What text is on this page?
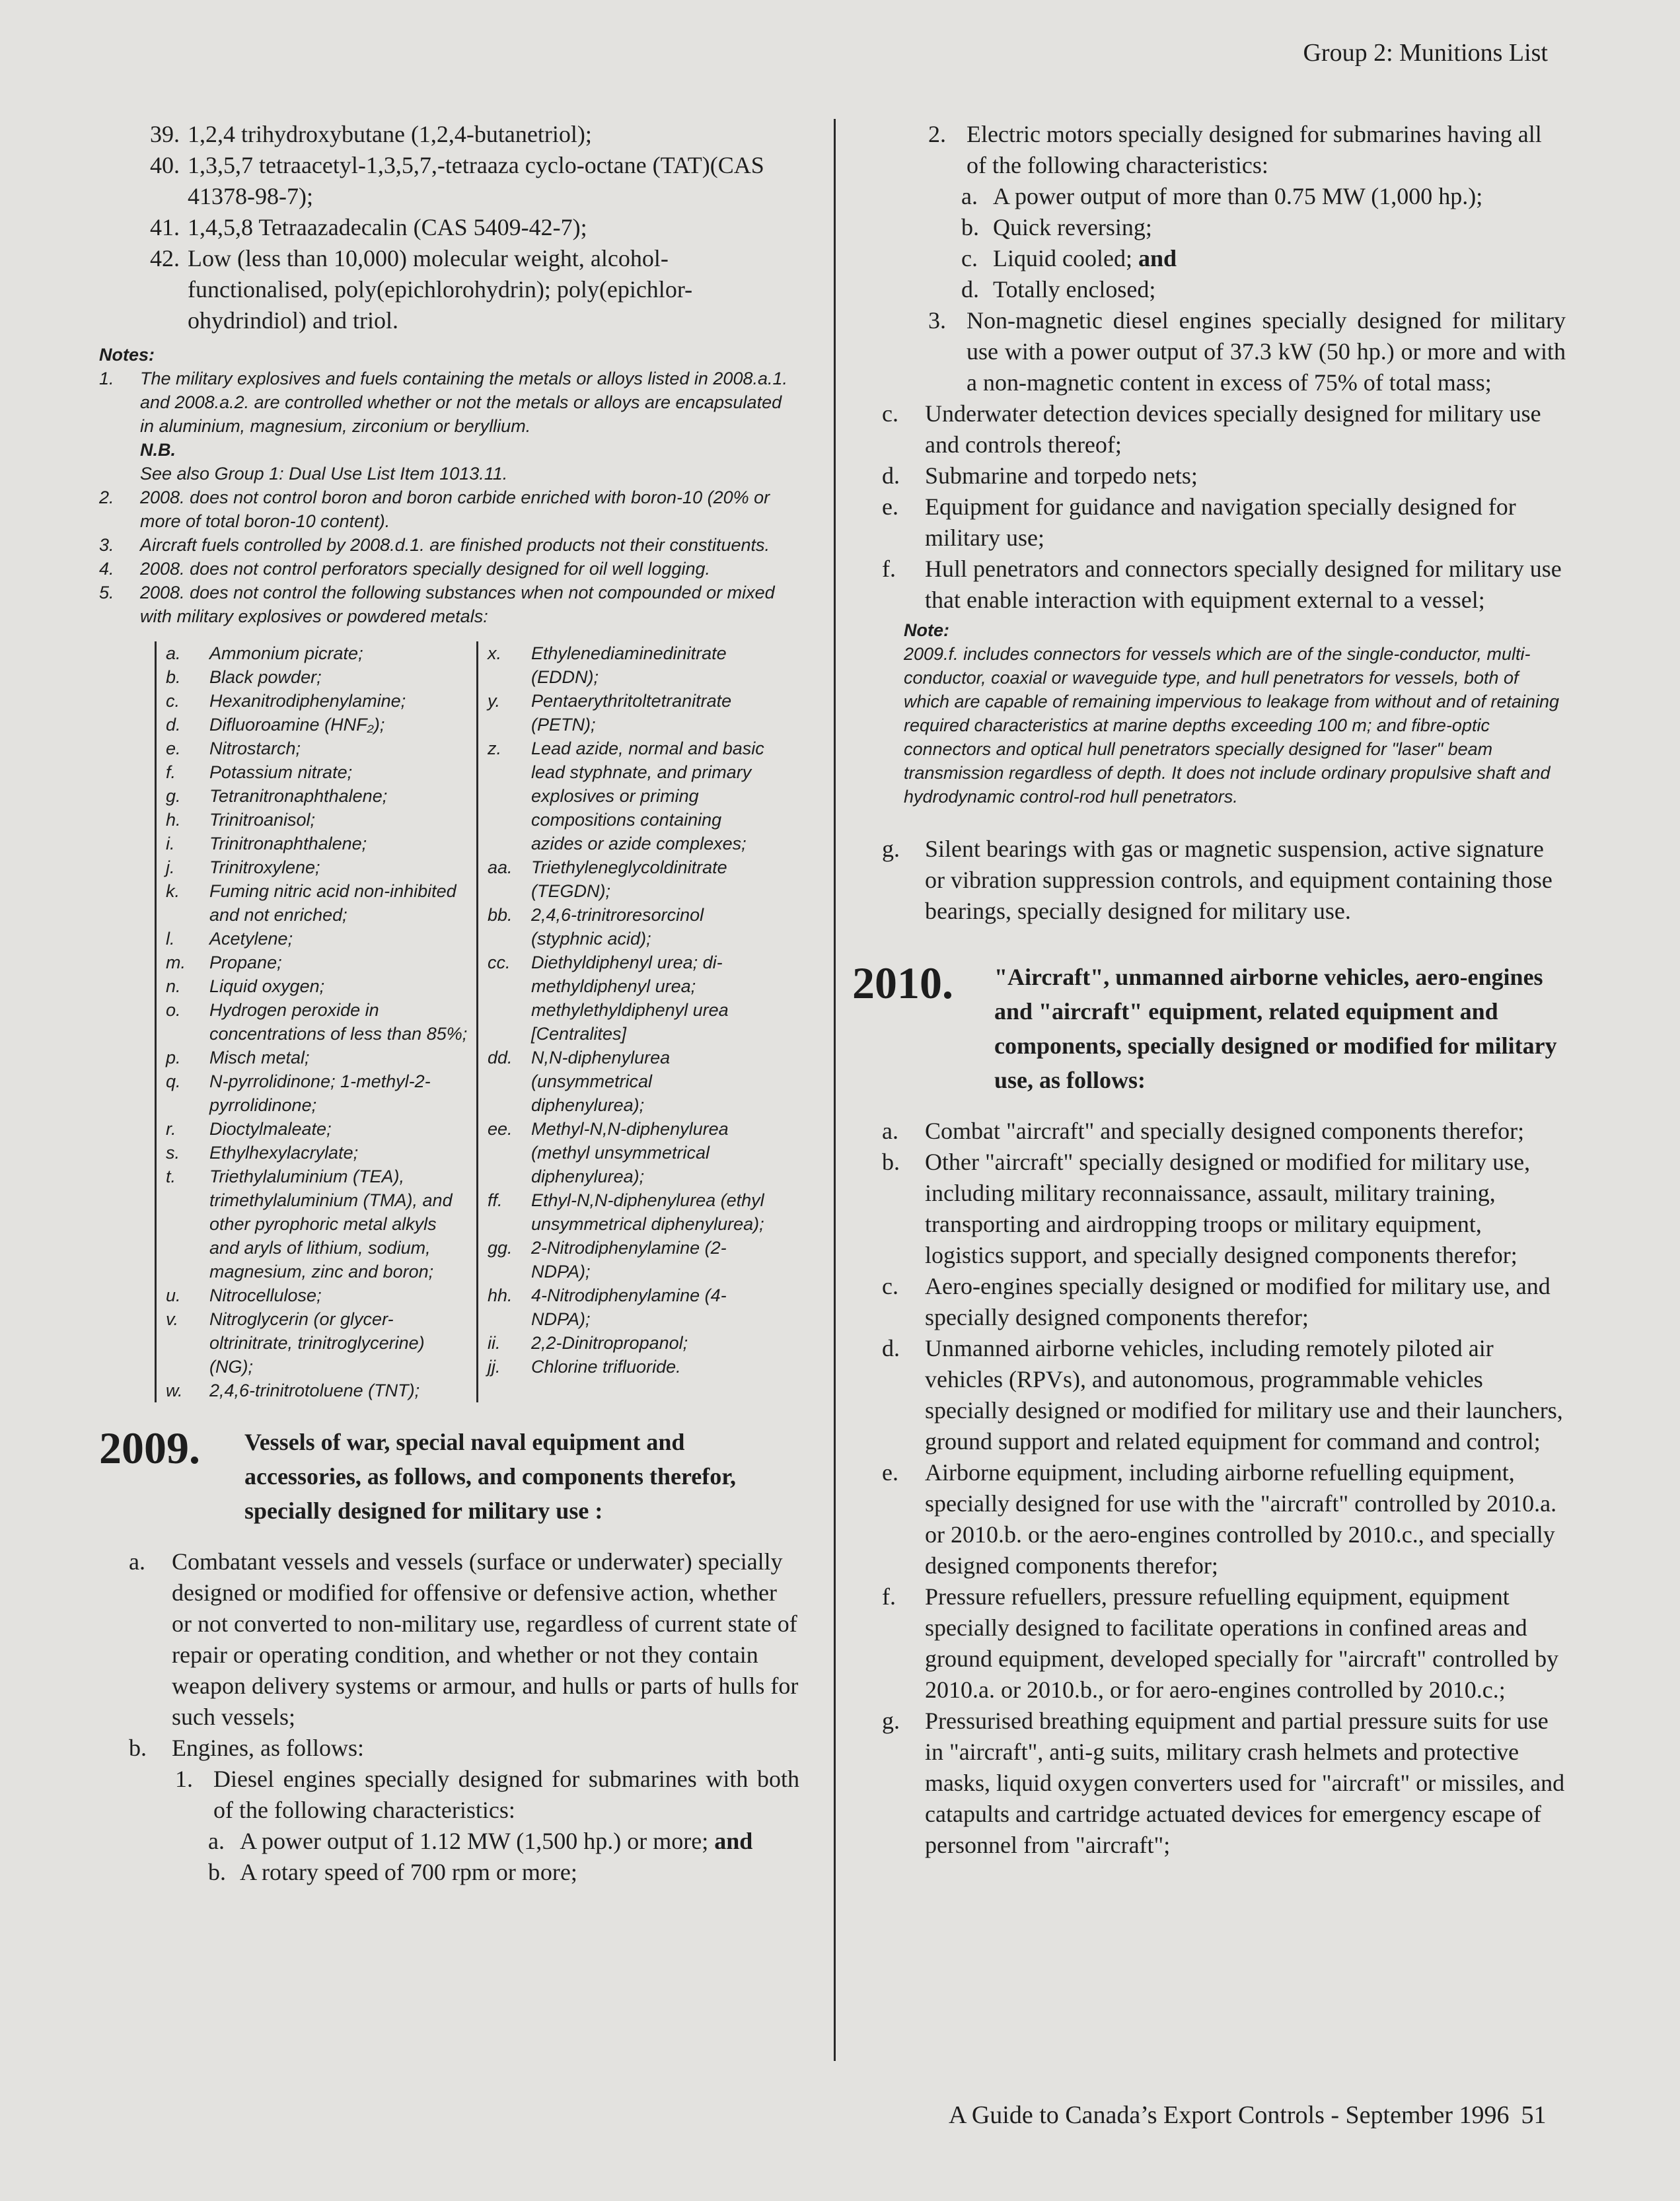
Group 2: Munitions List
39. 1,2,4 trihydroxybutane (1,2,4-butanetriol);
40. 1,3,5,7 tetraacetyl-1,3,5,7,-tetraaza cyclo-octane (TAT)(CAS 41378-98-7);
41. 1,4,5,8 Tetraazadecalin (CAS 5409-42-7);
42. Low (less than 10,000) molecular weight, alcohol-functionalised, poly(epichlorohydrin); poly(epichlor-ohydrindiol) and triol.
Notes:
1.	The military explosives and fuels containing the metals or alloys listed in 2008.a.1. and 2008.a.2. are controlled whether or not the metals or alloys are encapsulated in aluminium, magnesium, zirconium or beryllium.
N.B.
See also Group 1: Dual Use List Item 1013.11.
2.	2008. does not control boron and boron carbide enriched with boron-10 (20% or more of total boron-10 content).
3.	Aircraft fuels controlled by 2008.d.1. are finished products not their constituents.
4.	2008. does not control perforators specially designed for oil well logging.
5.	2008. does not control the following substances when not compounded or mixed with military explosives or powdered metals:
a.	Ammonium picrate;
b.	Black powder;
c.	Hexanitrodiphenylamine;
d.	Difluoroamine (HNF₂);
e.	Nitrostarch;
f.	Potassium nitrate;
g.	Tetranitronaphthalene;
h.	Trinitroanisol;
i.	Trinitronaphthalene;
j.	Trinitroxylene;
k.	Fuming nitric acid non-inhibited and not enriched;
l.	Acetylene;
m.	Propane;
n.	Liquid oxygen;
o.	Hydrogen peroxide in concentrations of less than 85%;
p.	Misch metal;
q.	N-pyrrolidinone; 1-methyl-2-pyrrolidinone;
r.	Dioctylmaleate;
s.	Ethylhexylacrylate;
t.	Triethylaluminium (TEA), trimethylaluminium (TMA), and other pyrophoric metal alkyls and aryls of lithium, sodium, magnesium, zinc and boron;
u.	Nitrocellulose;
v.	Nitroglycerin (or glycer-oltrinitrate, trinitroglycerine) (NG);
w.	2,4,6-trinitrotoluene (TNT);
x.	Ethylenediaminedinitrate (EDDN);
y.	Pentaerythritoltetranitrate (PETN);
z.	Lead azide, normal and basic lead styphnate, and primary explosives or priming compositions containing azides or azide complexes;
aa.	Triethyleneglycoldinitrate (TEGDN);
bb.	2,4,6-trinitroresorcinol (styphnic acid);
cc.	Diethyldiphenyl urea; di-methyldiphenyl urea; methylethyldiphenyl urea [Centralites]
dd.	N,N-diphenylurea (unsymmetrical diphenylurea);
ee.	Methyl-N,N-diphenylurea (methyl unsymmetrical diphenylurea);
ff.	Ethyl-N,N-diphenylurea (ethyl unsymmetrical diphenylurea);
gg.	2-Nitrodiphenylamine (2-NDPA);
hh.	4-Nitrodiphenylamine (4-NDPA);
ii.	2,2-Dinitropropanol;
jj.	Chlorine trifluoride.
2009.	Vessels of war, special naval equipment and accessories, as follows, and components therefor, specially designed for military use :
a.	Combatant vessels and vessels (surface or underwater) specially designed or modified for offensive or defensive action, whether or not converted to non-military use, regardless of current state of repair or operating condition, and whether or not they contain weapon delivery systems or armour, and hulls or parts of hulls for such vessels;
b.	Engines, as follows:
1. Diesel engines specially designed for submarines with both of the following characteristics:
a. A power output of 1.12 MW (1,500 hp.) or more; and
b. A rotary speed of 700 rpm or more;
2. Electric motors specially designed for submarines having all of the following characteristics:
a. A power output of more than 0.75 MW (1,000 hp.);
b. Quick reversing;
c. Liquid cooled; and
d. Totally enclosed;
3. Non-magnetic diesel engines specially designed for military use with a power output of 37.3 kW (50 hp.) or more and with a non-magnetic content in excess of 75% of total mass;
c.	Underwater detection devices specially designed for military use and controls thereof;
d.	Submarine and torpedo nets;
e.	Equipment for guidance and navigation specially designed for military use;
f.	Hull penetrators and connectors specially designed for military use that enable interaction with equipment external to a vessel;
Note:
2009.f. includes connectors for vessels which are of the single-conductor, multi-conductor, coaxial or waveguide type, and hull penetrators for vessels, both of which are capable of remaining impervious to leakage from without and of retaining required characteristics at marine depths exceeding 100 m; and fibre-optic connectors and optical hull penetrators specially designed for "laser" beam transmission regardless of depth. It does not include ordinary propulsive shaft and hydrodynamic control-rod hull penetrators.
g.	Silent bearings with gas or magnetic suspension, active signature or vibration suppression controls, and equipment containing those bearings, specially designed for military use.
2010.	"Aircraft", unmanned airborne vehicles, aero-engines and "aircraft" equipment, related equipment and components, specially designed or modified for military use, as follows:
a.	Combat "aircraft" and specially designed components therefor;
b.	Other "aircraft" specially designed or modified for military use, including military reconnaissance, assault, military training, transporting and airdropping troops or military equipment, logistics support, and specially designed components therefor;
c.	Aero-engines specially designed or modified for military use, and specially designed components therefor;
d.	Unmanned airborne vehicles, including remotely piloted air vehicles (RPVs), and autonomous, programmable vehicles specially designed or modified for military use and their launchers, ground support and related equipment for command and control;
e.	Airborne equipment, including airborne refuelling equipment, specially designed for use with the "aircraft" controlled by 2010.a. or 2010.b. or the aero-engines controlled by 2010.c., and specially designed components therefor;
f.	Pressure refuellers, pressure refuelling equipment, equipment specially designed to facilitate operations in confined areas and ground equipment, developed specially for "aircraft" controlled by 2010.a. or 2010.b., or for aero-engines controlled by 2010.c.;
g.	Pressurised breathing equipment and partial pressure suits for use in "aircraft", anti-g suits, military crash helmets and protective masks, liquid oxygen converters used for "aircraft" or missiles, and catapults and cartridge actuated devices for emergency escape of personnel from "aircraft";
A Guide to Canada’s Export Controls - September 1996 51
